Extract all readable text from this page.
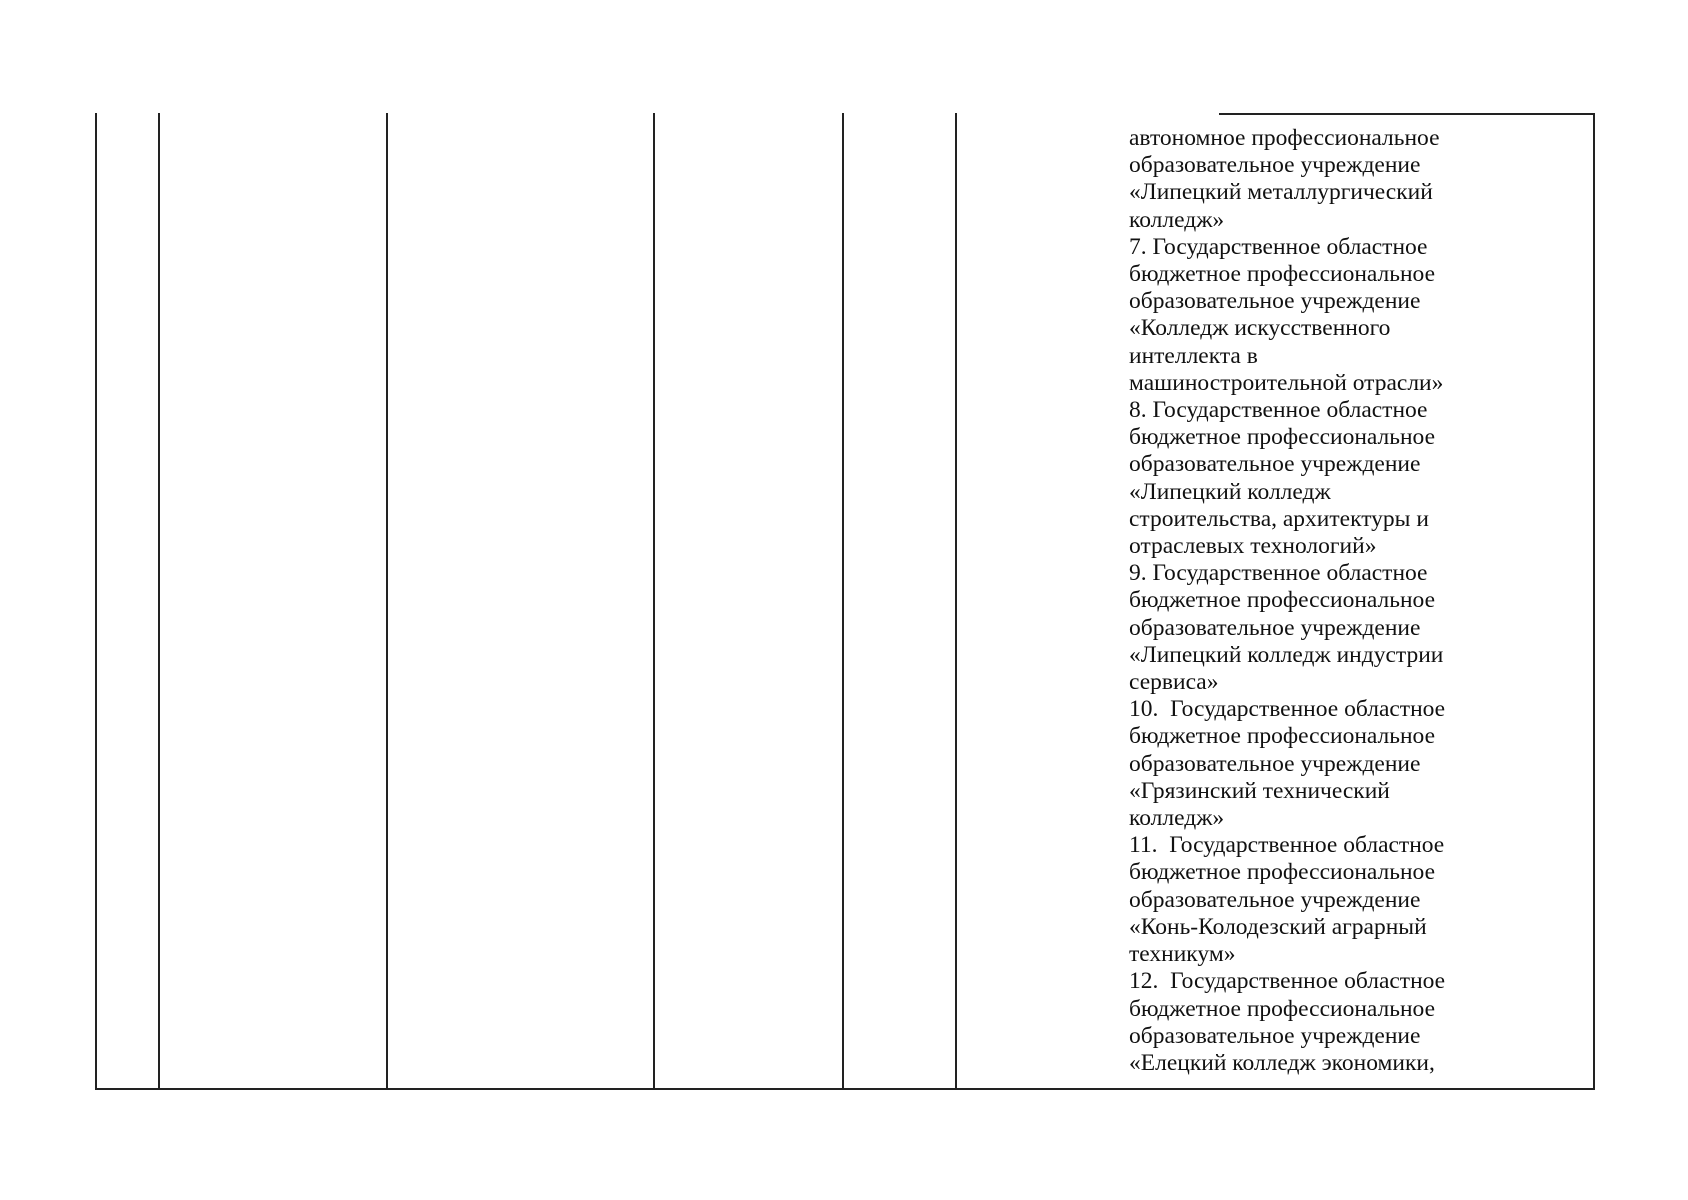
автономное профессиональное
образовательное учреждение
«Липецкий металлургический
колледж»
7. Государственное областное
бюджетное профессиональное
образовательное учреждение
«Колледж искусственного
интеллекта в
машиностроительной отрасли»
8. Государственное областное
бюджетное профессиональное
образовательное учреждение
«Липецкий колледж
строительства, архитектуры и
отраслевых технологий»
9. Государственное областное
бюджетное профессиональное
образовательное учреждение
«Липецкий колледж индустрии
сервиса»
10.  Государственное областное
бюджетное профессиональное
образовательное учреждение
«Грязинский технический
колледж»
11.  Государственное областное
бюджетное профессиональное
образовательное учреждение
«Конь-Колодезский аграрный
техникум»
12.  Государственное областное
бюджетное профессиональное
образовательное учреждение
«Елецкий колледж экономики,
